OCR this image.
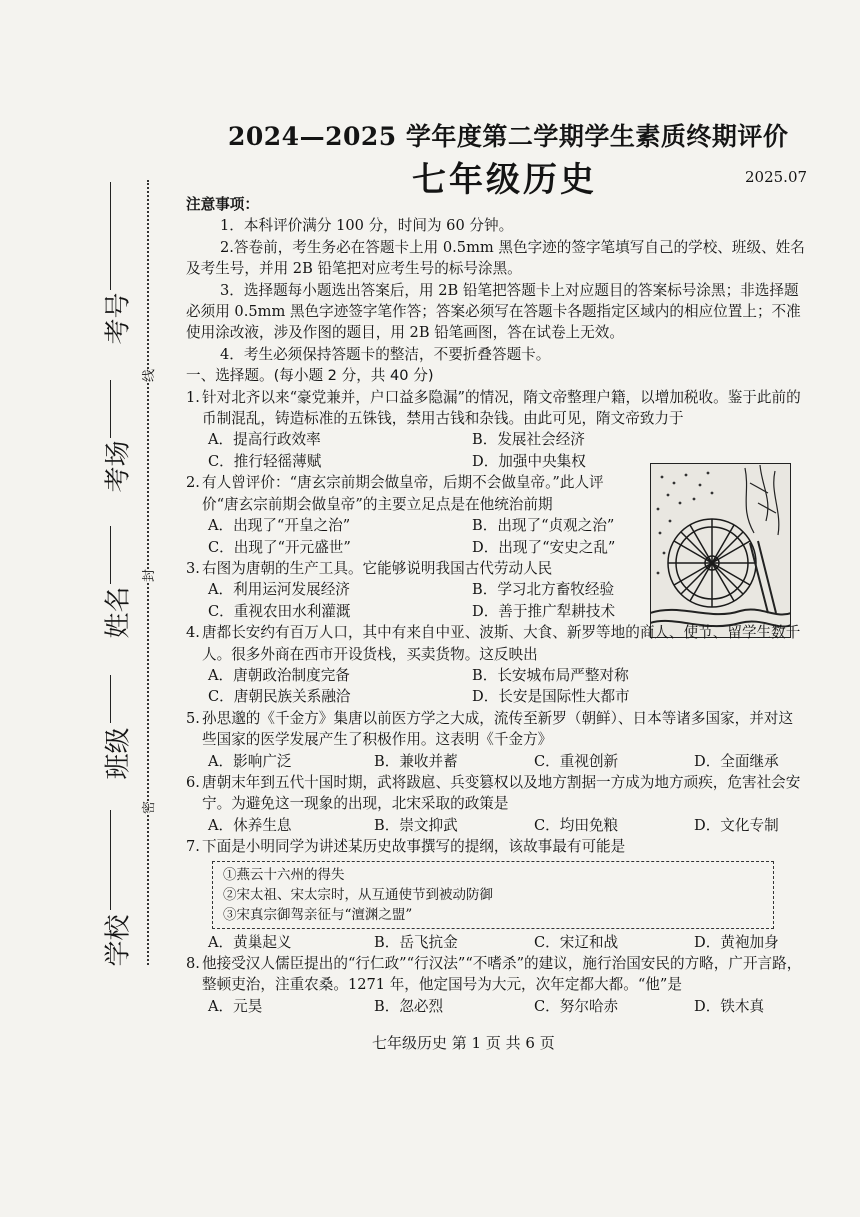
2024—2025 学年度第二学期学生素质终期评价
七年级历史	2025.07
线
封
密
考号
考场
姓名
班级
学校

注意事项：

1．本科评价满分 100 分，时间为 60 分钟。

2.答卷前，考生务必在答题卡上用 0.5mm 黑色字迹的签字笔填写自己的学校、班级、姓名及考生号，并用 2B 铅笔把对应考生号的标号涂黑。

3．选择题每小题选出答案后，用 2B 铅笔把答题卡上对应题目的答案标号涂黑；非选择题必须用 0.5mm 黑色字迹签字笔作答；答案必须写在答题卡各题指定区域内的相应位置上；不准使用涂改液，涉及作图的题目，用 2B 铅笔画图，答在试卷上无效。

4．考生必须保持答题卡的整洁，不要折叠答题卡。

一、选择题。(每小题 2 分，共 40 分)

1. 针对北齐以来“豪党兼并，户口益多隐漏”的情况，隋文帝整理户籍，以增加税收。鉴于此前的币制混乱，铸造标准的五铢钱，禁用古钱和杂钱。由此可见，隋文帝致力于
A．提高行政效率	B．发展社会经济
C．推行轻徭薄赋	D．加强中央集权
2. 有人曾评价：“唐玄宗前期会做皇帝，后期不会做皇帝。”此人评价“唐玄宗前期会做皇帝”的主要立足点是在他统治前期
A．出现了“开皇之治”	B．出现了“贞观之治”
C．出现了“开元盛世”	D．出现了“安史之乱”
3. 右图为唐朝的生产工具。它能够说明我国古代劳动人民
A．利用运河发展经济	B．学习北方畜牧经验
C．重视农田水利灌溉	D．善于推广犁耕技术
4. 唐都长安约有百万人口，其中有来自中亚、波斯、大食、新罗等地的商人、使节、留学生数千人。很多外商在西市开设货栈，买卖货物。这反映出
A．唐朝政治制度完备	B．长安城布局严整对称
C．唐朝民族关系融洽	D．长安是国际性大都市
5. 孙思邈的《千金方》集唐以前医方学之大成，流传至新罗（朝鲜）、日本等诸多国家，并对这些国家的医学发展产生了积极作用。这表明《千金方》
A．影响广泛	B．兼收并蓄	C．重视创新	D．全面继承
6. 唐朝末年到五代十国时期，武将跋扈、兵变篡权以及地方割据一方成为地方顽疾，危害社会安宁。为避免这一现象的出现，北宋采取的政策是
A．休养生息	B．崇文抑武	C．均田免粮	D．文化专制
7. 下面是小明同学为讲述某历史故事撰写的提纲，该故事最有可能是
①燕云十六州的得失
②宋太祖、宋太宗时，从互通使节到被动防御
③宋真宗御驾亲征与“澶渊之盟”
A．黄巢起义	B．岳飞抗金	C．宋辽和战	D．黄袍加身
8. 他接受汉人儒臣提出的“行仁政”“行汉法”“不嗜杀”的建议，施行治国安民的方略，广开言路，整顿吏治，注重农桑。1271 年，他定国号为大元，次年定都大都。“他”是
A．元昊	B．忽必烈	C．努尔哈赤	D．铁木真
七年级历史 第 1 页 共 6 页
